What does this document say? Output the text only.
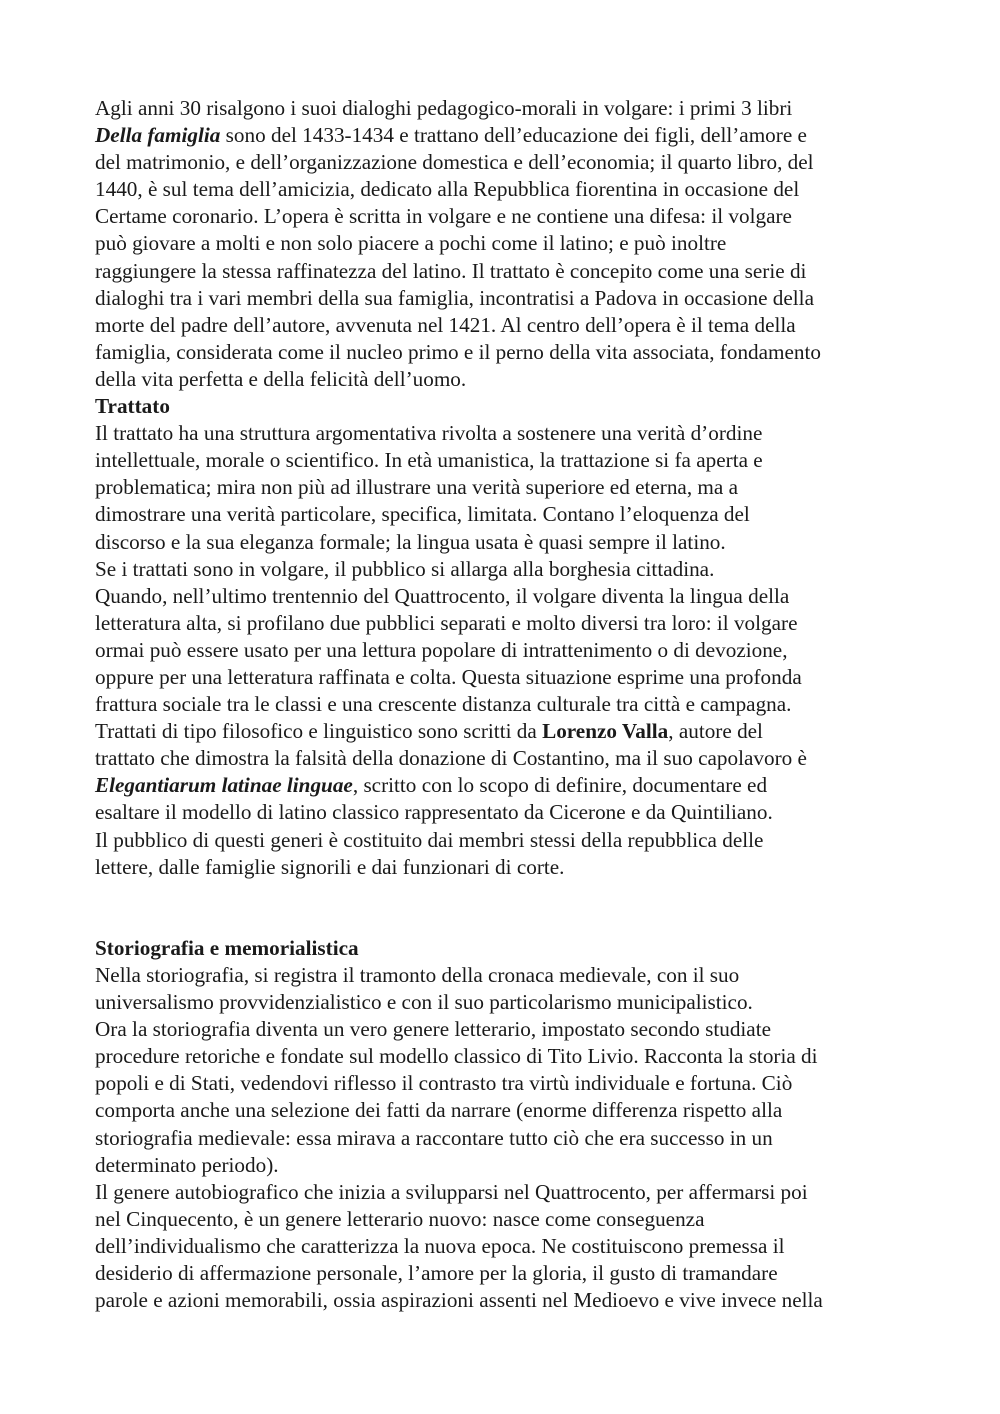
Agli anni 30 risalgono i suoi dialoghi pedagogico-morali in volgare: i primi 3 libri
Della famiglia sono del 1433-1434 e trattano dell’educazione dei figli, dell’amore e
del matrimonio, e dell’organizzazione domestica e dell’economia; il quarto libro, del
1440, è sul tema dell’amicizia, dedicato alla Repubblica fiorentina in occasione del
Certame coronario. L’opera è scritta in volgare e ne contiene una difesa: il volgare
può giovare a molti e non solo piacere a pochi come il latino; e può inoltre
raggiungere la stessa raffinatezza del latino. Il trattato è concepito come una serie di
dialoghi tra i vari membri della sua famiglia, incontratisi a Padova in occasione della
morte del padre dell’autore, avvenuta nel 1421. Al centro dell’opera è il tema della
famiglia, considerata come il nucleo primo e il perno della vita associata, fondamento
della vita perfetta e della felicità dell’uomo.
Trattato
Il trattato ha una struttura argomentativa rivolta a sostenere una verità d’ordine
intellettuale, morale o scientifico. In età umanistica, la trattazione si fa aperta e
problematica; mira non più ad illustrare una verità superiore ed eterna, ma a
dimostrare una verità particolare, specifica, limitata. Contano l’eloquenza del
discorso e la sua eleganza formale; la lingua usata è quasi sempre il latino.
Se i trattati sono in volgare, il pubblico si allarga alla borghesia cittadina.
Quando, nell’ultimo trentennio del Quattrocento, il volgare diventa la lingua della
letteratura alta, si profilano due pubblici separati e molto diversi tra loro: il volgare
ormai può essere usato per una lettura popolare di intrattenimento o di devozione,
oppure per una letteratura raffinata e colta. Questa situazione esprime una profonda
frattura sociale tra le classi e una crescente distanza culturale tra città e campagna.
Trattati di tipo filosofico e linguistico sono scritti da Lorenzo Valla, autore del
trattato che dimostra la falsità della donazione di Costantino, ma il suo capolavoro è
Elegantiarum latinae linguae, scritto con lo scopo di definire, documentare ed
esaltare il modello di latino classico rappresentato da Cicerone e da Quintiliano.
Il pubblico di questi generi è costituito dai membri stessi della repubblica delle
lettere, dalle famiglie signorili e dai funzionari di corte.
Storiografia e memorialistica
Nella storiografia, si registra il tramonto della cronaca medievale, con il suo
universalismo provvidenzialistico e con il suo particolarismo municipalistico.
Ora la storiografia diventa un vero genere letterario, impostato secondo studiate
procedure retoriche e fondate sul modello classico di Tito Livio. Racconta la storia di
popoli e di Stati, vedendovi riflesso il contrasto tra virtù individuale e fortuna. Ciò
comporta anche una selezione dei fatti da narrare (enorme differenza rispetto alla
storiografia medievale: essa mirava a raccontare tutto ciò che era successo in un
determinato periodo).
Il genere autobiografico che inizia a svilupparsi nel Quattrocento, per affermarsi poi
nel Cinquecento, è un genere letterario nuovo: nasce come conseguenza
dell’individualismo che caratterizza la nuova epoca. Ne costituiscono premessa il
desiderio di affermazione personale, l’amore per la gloria, il gusto di tramandare
parole e azioni memorabili, ossia aspirazioni assenti nel Medioevo e vive invece nella
